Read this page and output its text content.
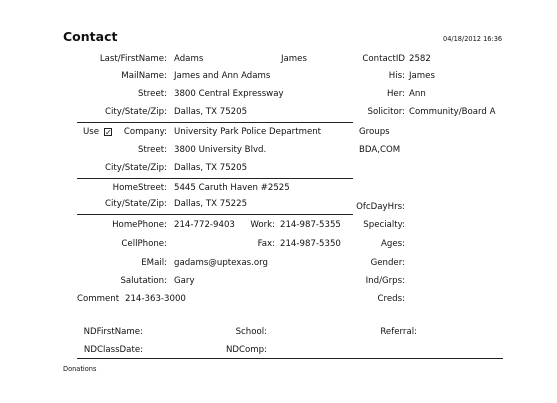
Contact	04/18/2012 16:36
Last/FirstName: Adams	James
MailName: James and Ann Adams
Street: 3800 Central Expressway
City/State/Zip: Dallas, TX 75205
Use ✓ Company: University Park Police Department
Street: 3800 University Blvd.
City/State/Zip: Dallas, TX 75205
HomeStreet: 5445 Caruth Haven #2525
City/State/Zip: Dallas, TX 75225
HomePhone: 214-772-9403 Work: 214-987-5355
CellPhone:	Fax: 214-987-5350
EMail: gadams@uptexas.org
Salutation: Gary
Comment 214-363-3000
ContactID 2582
His: James
Her: Ann
Solicitor: Community/Board A
Groups
BDA,COM
OfcDayHrs:
Specialty:
Ages:
Gender:
Ind/Grps:
Creds:
NDFirstName:	School:	Referral:
NDClassDate:	NDComp:
Donations
